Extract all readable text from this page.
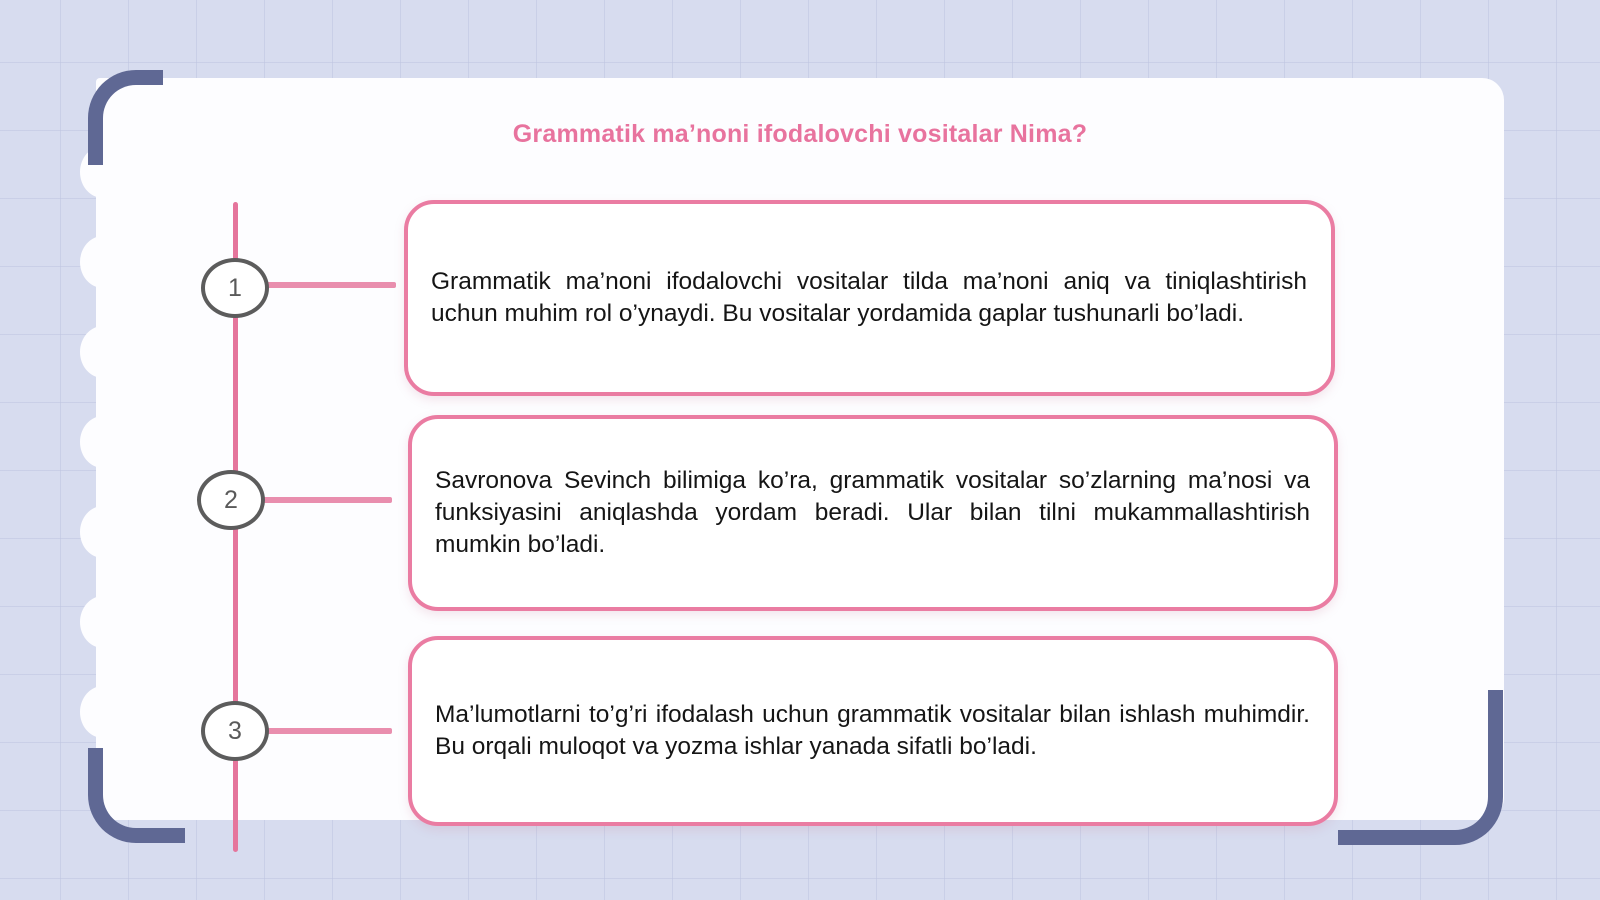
Grammatik ma’noni ifodalovchi vositalar Nima?
1
2
3

Grammatik ma’noni ifodalovchi vositalar tilda ma’noni aniq va tiniqlashtirish uchun muhim rol o’ynaydi. Bu vositalar yordamida gaplar tushunarli bo’ladi.

Savronova Sevinch bilimiga ko’ra, grammatik vositalar so’zlarning ma’nosi va funksiyasini aniqlashda yordam beradi. Ular bilan tilni mukammallashtirish mumkin bo’ladi.

Ma’lumotlarni to’g’ri ifodalash uchun grammatik vositalar bilan ishlash muhimdir. Bu orqali muloqot va yozma ishlar yanada sifatli bo’ladi.
